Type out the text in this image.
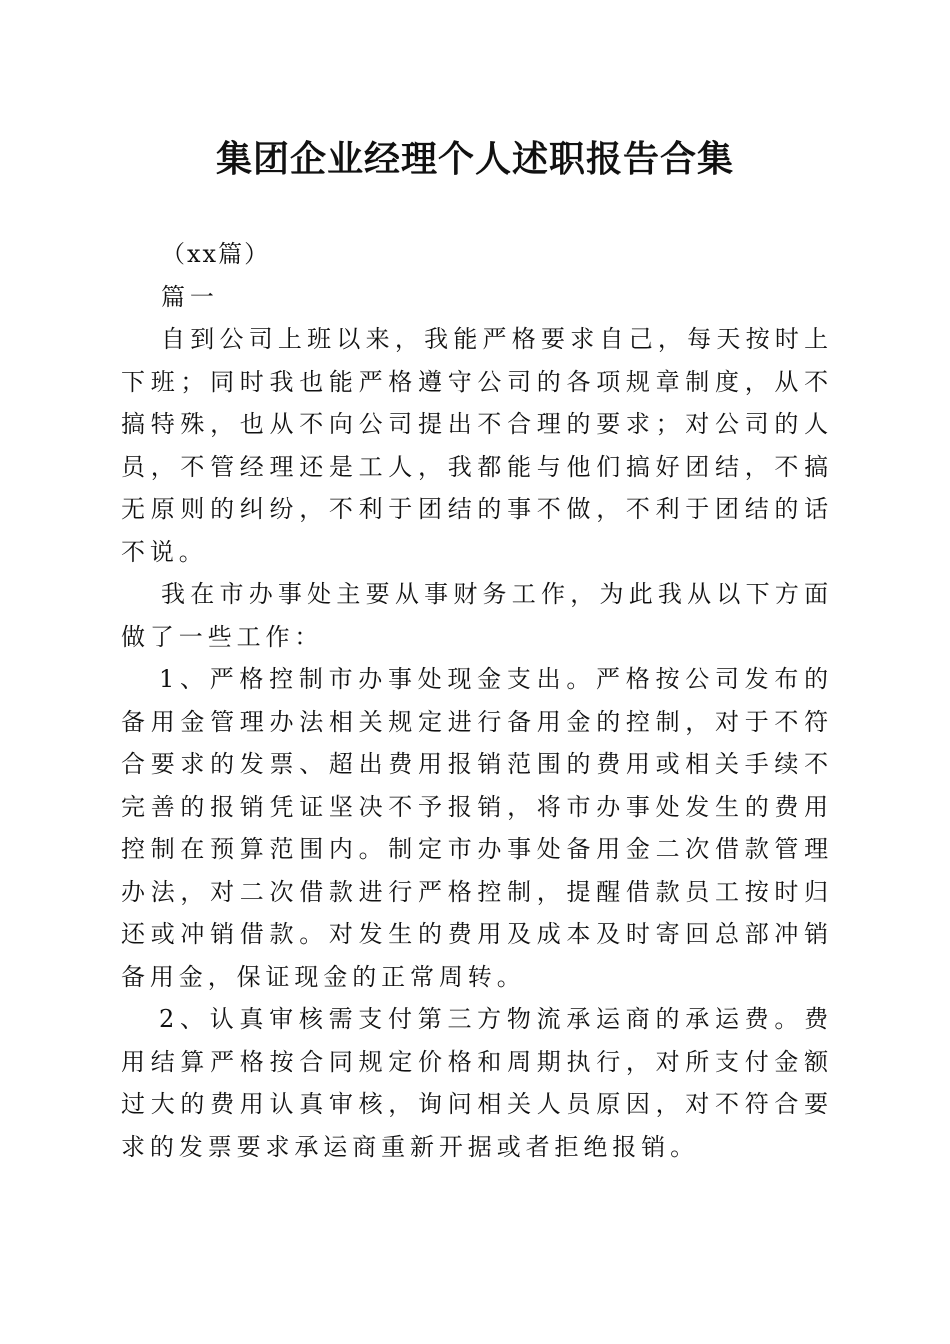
集团企业经理个人述职报告合集

（xx篇）

篇一

自到公司上班以来，我能严格要求自己，每天按时上下班；同时我也能严格遵守公司的各项规章制度，从不搞特殊，也从不向公司提出不合理的要求；对公司的人员，不管经理还是工人，我都能与他们搞好团结，不搞无原则的纠纷，不利于团结的事不做，不利于团结的话不说。

我在市办事处主要从事财务工作，为此我从以下方面做了一些工作：

1、严格控制市办事处现金支出。严格按公司发布的备用金管理办法相关规定进行备用金的控制，对于不符合要求的发票、超出费用报销范围的费用或相关手续不完善的报销凭证坚决不予报销，将市办事处发生的费用控制在预算范围内。制定市办事处备用金二次借款管理办法，对二次借款进行严格控制，提醒借款员工按时归还或冲销借款。对发生的费用及成本及时寄回总部冲销备用金，保证现金的正常周转。

2、认真审核需支付第三方物流承运商的承运费。费用结算严格按合同规定价格和周期执行，对所支付金额过大的费用认真审核，询问相关人员原因，对不符合要求的发票要求承运商重新开据或者拒绝报销。
